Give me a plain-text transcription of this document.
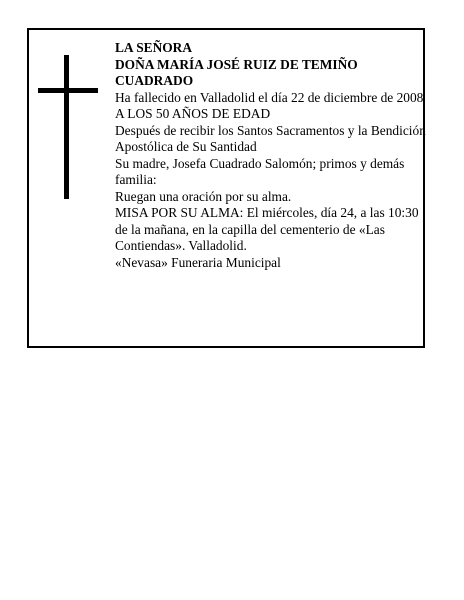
LA SEÑORA

DOÑA MARÍA JOSÉ RUIZ DE TEMIÑO CUADRADO

Ha fallecido en Valladolid el día 22 de diciembre de 2008

A LOS 50 AÑOS DE EDAD

Después de recibir los Santos Sacramentos y la Bendición Apostólica de Su Santidad

Su madre, Josefa Cuadrado Salomón; primos y demás familia:

Ruegan una oración por su alma.

MISA POR SU ALMA: El miércoles, día 24, a las 10:30 de la mañana, en la capilla del cementerio de «Las Contiendas». Valladolid.

«Nevasa» Funeraria Municipal
